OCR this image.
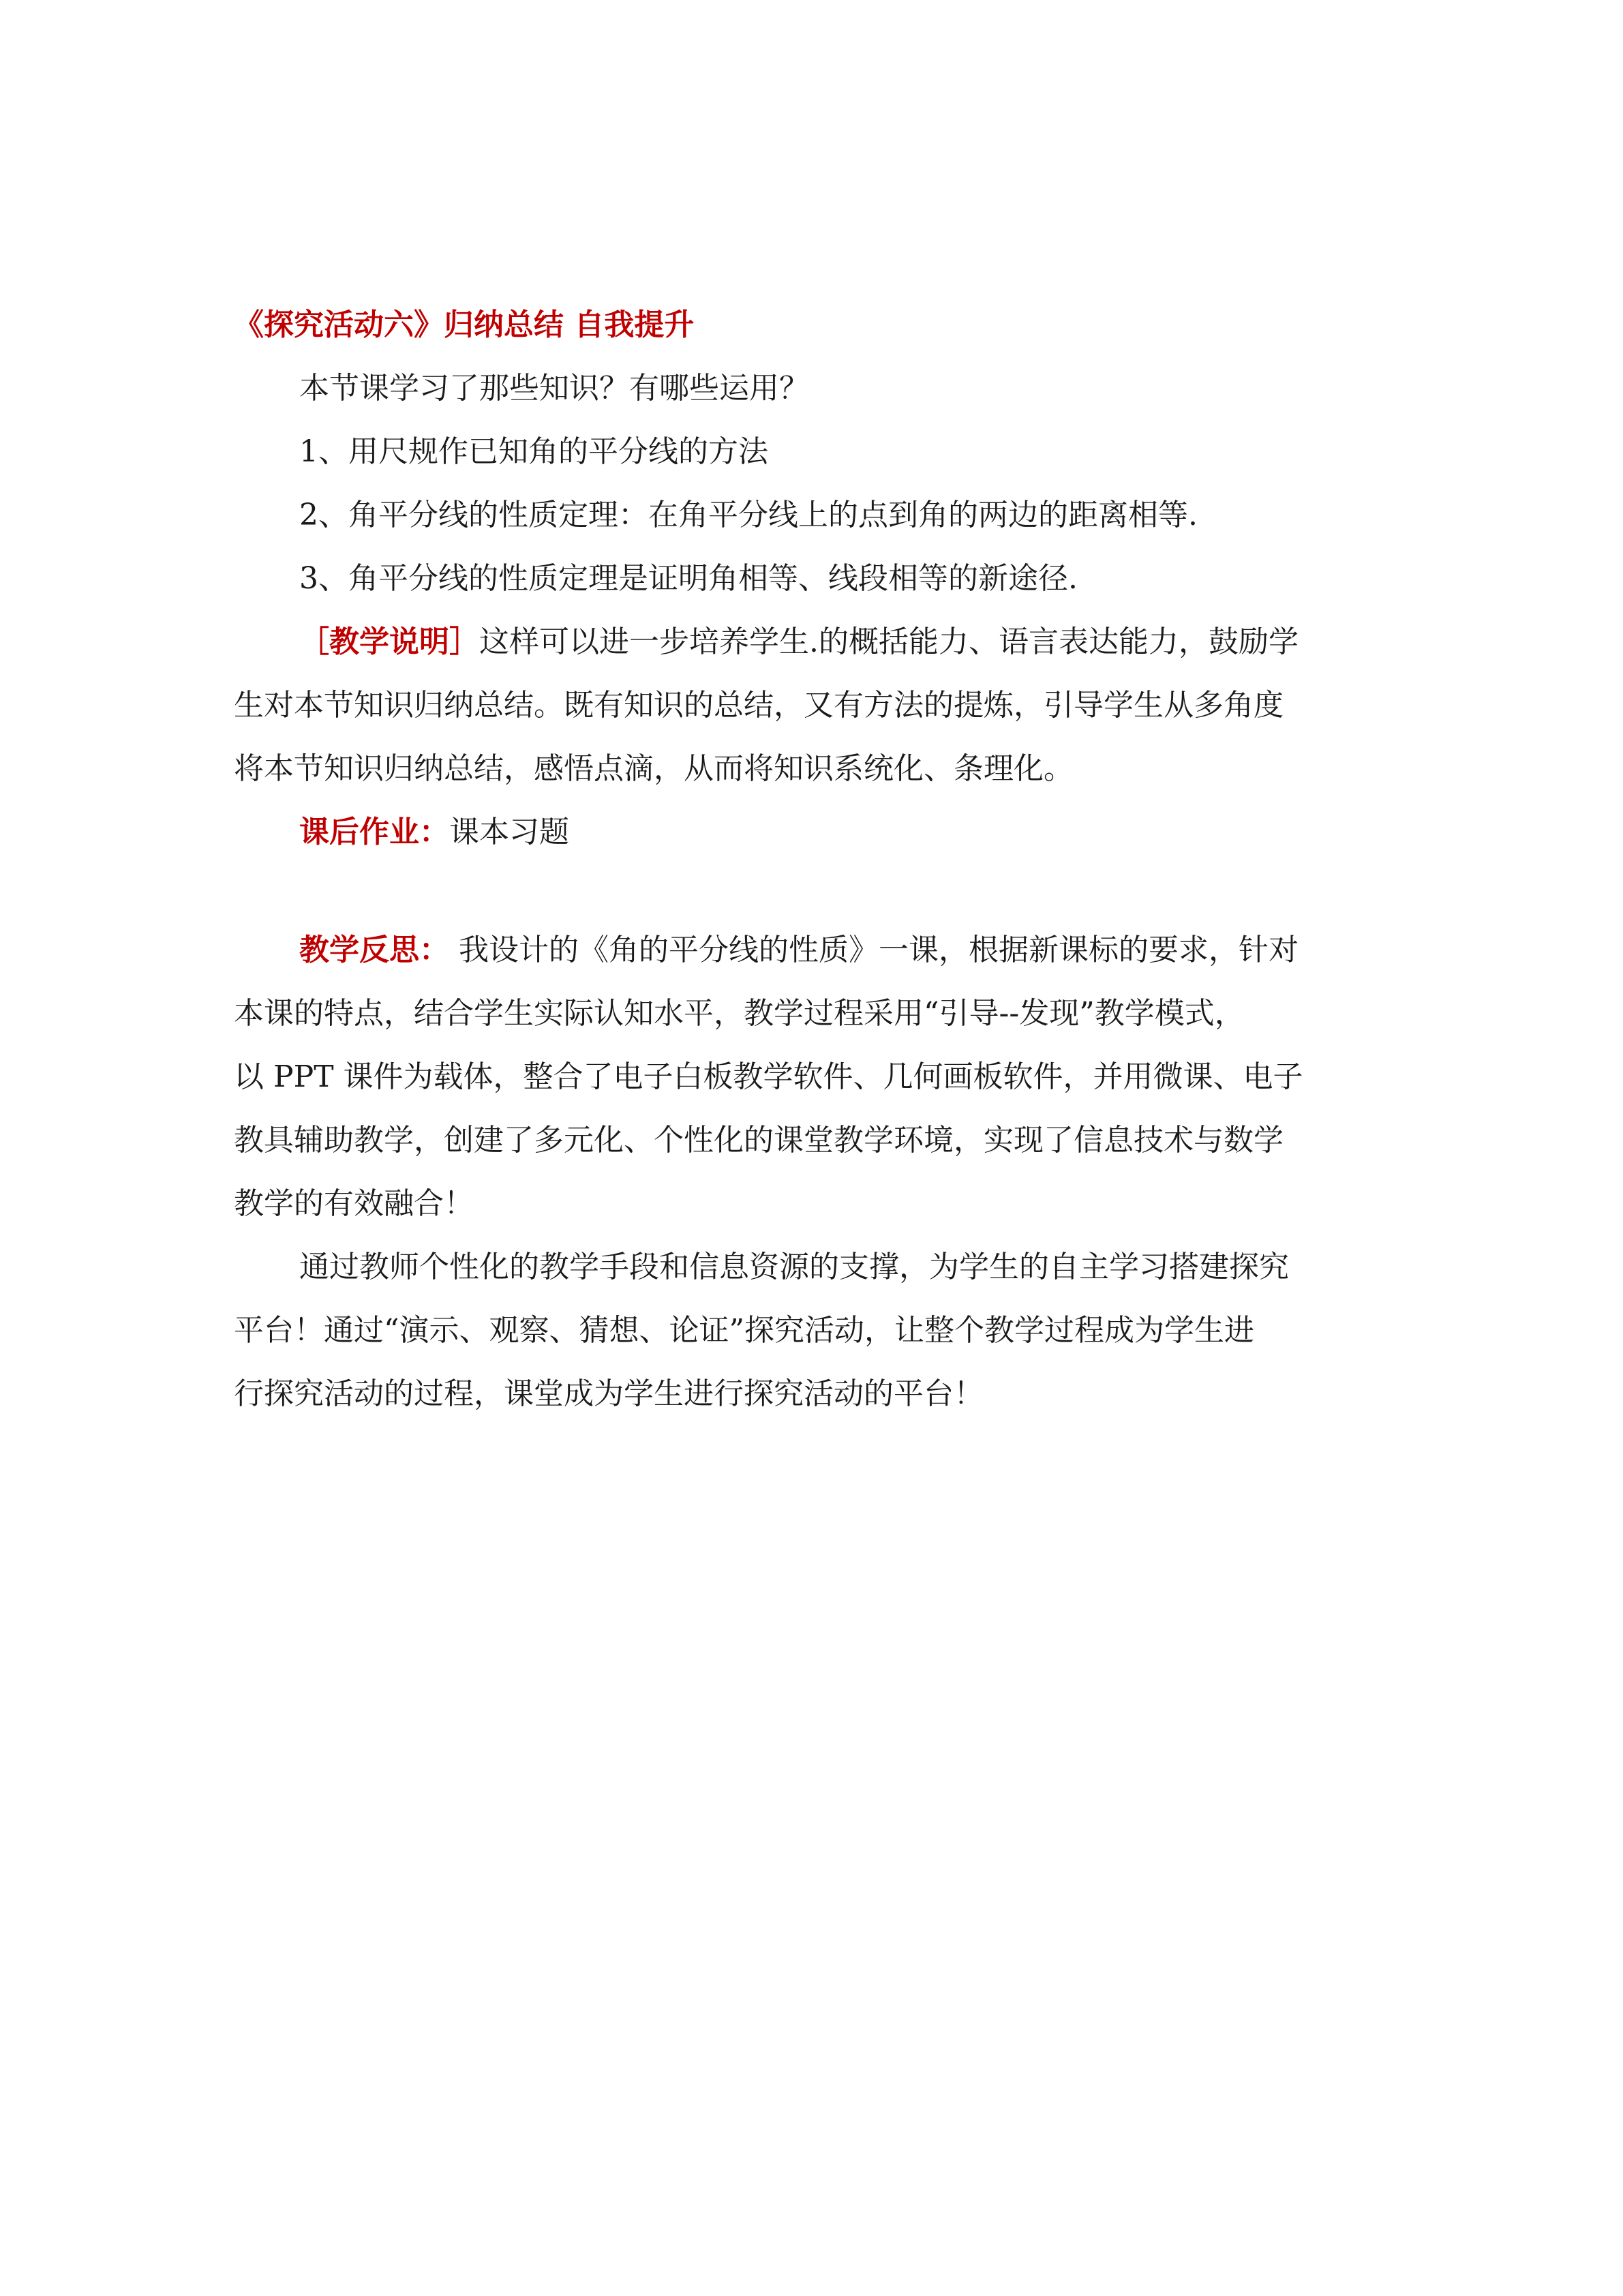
《探究活动六》归纳总结 自我提升

本节课学习了那些知识？有哪些运用？

1、用尺规作已知角的平分线的方法

2、角平分线的性质定理：在角平分线上的点到角的两边的距离相等.

3、角平分线的性质定理是证明角相等、线段相等的新途径.

［教学说明］这样可以进一步培养学生.的概括能力、语言表达能力，鼓励学

生对本节知识归纳总结。既有知识的总结，又有方法的提炼，引导学生从多角度

将本节知识归纳总结，感悟点滴，从而将知识系统化、条理化。

课后作业：课本习题

教学反思： 我设计的《角的平分线的性质》一课，根据新课标的要求，针对

本课的特点，结合学生实际认知水平，教学过程采用“引导--发现”教学模式，

以 PPT 课件为载体，整合了电子白板教学软件、几何画板软件，并用微课、电子

教具辅助教学，创建了多元化、个性化的课堂教学环境，实现了信息技术与数学

教学的有效融合！

通过教师个性化的教学手段和信息资源的支撑，为学生的自主学习搭建探究

平台！通过“演示、观察、猜想、论证”探究活动，让整个教学过程成为学生进

行探究活动的过程，课堂成为学生进行探究活动的平台！
